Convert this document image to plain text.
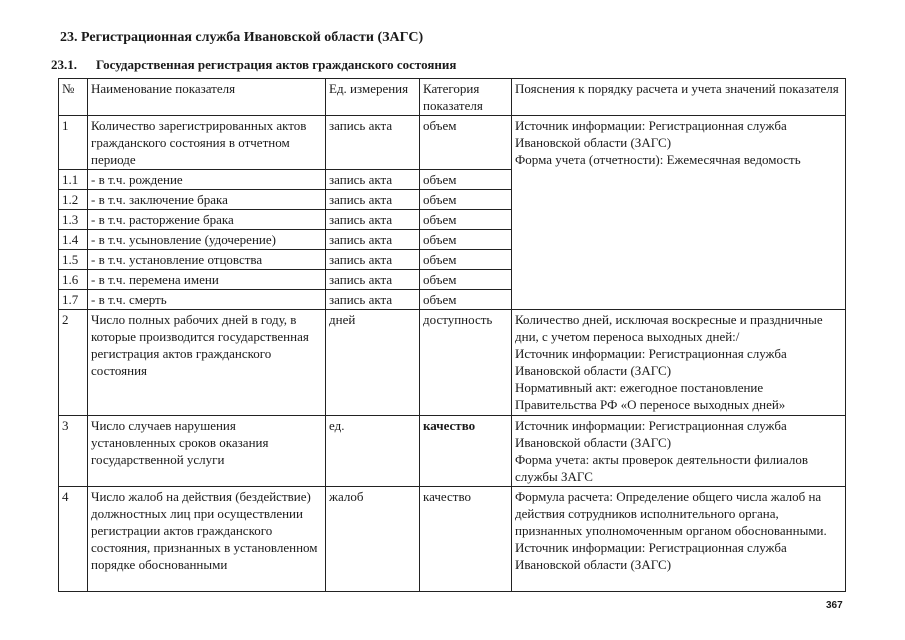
23. Регистрационная служба Ивановской области (ЗАГС)
23.1. Государственная регистрация актов гражданского состояния
№	Наименование показателя	Ед. измерения	Категория показателя	Пояснения к порядку расчета и учета значений показателя
1	Количество зарегистрированных актов гражданского состояния в отчетном периоде	запись акта	объем	Источник информации: Регистрационная служба Ивановской области (ЗАГС)
Форма учета (отчетности): Ежемесячная ведомость

1.1	- в т.ч. рождение	запись акта	объем	
1.2	- в т.ч. заключение брака	запись акта	объем	
1.3	- в т.ч. расторжение брака	запись акта	объем	
1.4	- в т.ч. усыновление (удочерение)	запись акта	объем	
1.5	- в т.ч. установление отцовства	запись акта	объем	
1.6	- в т.ч. перемена имени	запись акта	объем	
1.7	- в т.ч. смерть	запись акта	объем	
2	Число полных рабочих дней в году, в которые производится государственная регистрация актов гражданского состояния	дней	доступность	Количество дней, исключая воскресные и праздничные дни, с учетом переноса выходных дней:/
Источник информации: Регистрационная служба Ивановской области (ЗАГС)
Нормативный акт: ежегодное постановление Правительства РФ «О переносе выходных дней»

3	Число случаев нарушения установленных сроков оказания государственной услуги	ед.	качество	Источник информации: Регистрационная служба Ивановской области (ЗАГС)
Форма учета: акты проверок деятельности филиалов службы ЗАГС

4	Число жалоб на действия (бездействие) должностных лиц при осуществлении регистрации актов гражданского состояния, признанных в установленном порядке обоснованными	жалоб	качество	Формула расчета: Определение общего числа жалоб на действия сотрудников исполнительного органа, признанных уполномоченным органом обоснованными.
Источник информации: Регистрационная служба Ивановской области (ЗАГС)
367
